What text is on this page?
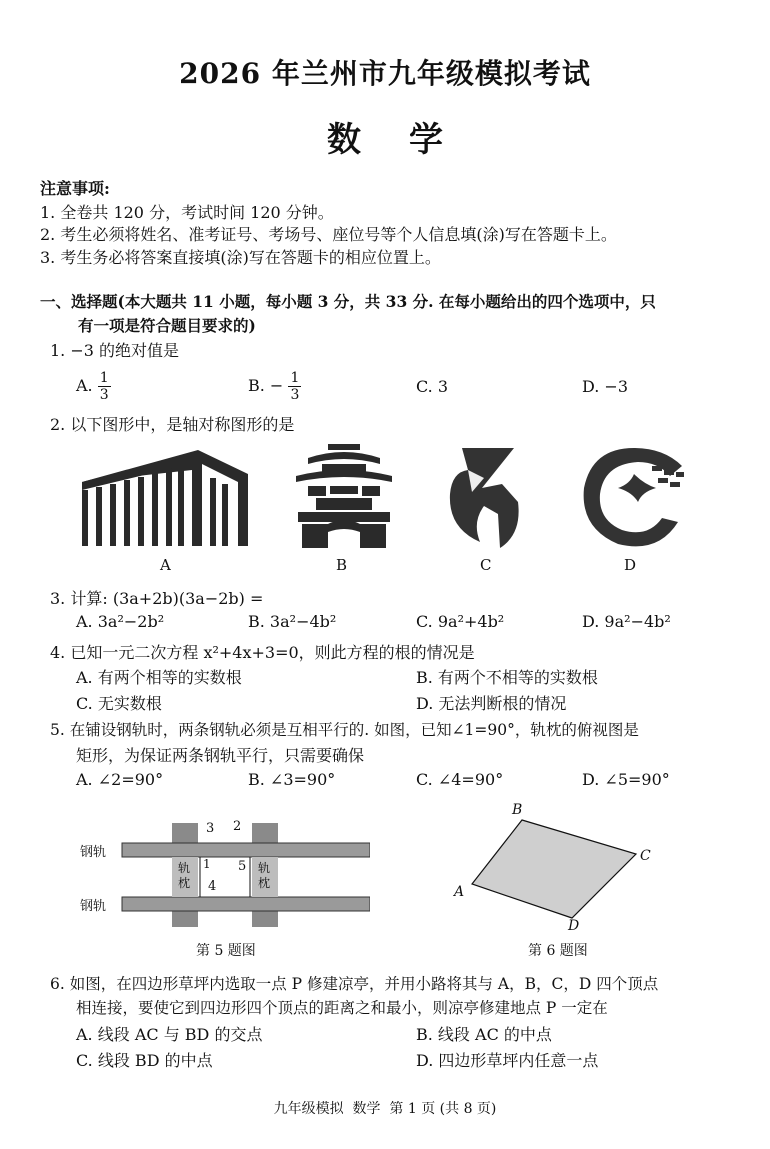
2026 年兰州市九年级模拟考试
数学
注意事项:
1. 全卷共 120 分，考试时间 120 分钟。
2. 考生必须将姓名、准考证号、考场号、座位号等个人信息填(涂)写在答题卡上。
3. 考生务必将答案直接填(涂)写在答题卡的相应位置上。
一、选择题(本大题共 11 小题，每小题 3 分，共 33 分. 在每小题给出的四个选项中，只
有一项是符合题目要求的)
1. −3 的绝对值是
A. $\frac{1}{3}$	B. − $\frac{1}{3}$	C. 3	D. −3
2. 以下图形中，是轴对称图形的是
A	B	C	D
3. 计算: (3a+2b)(3a−2b) =
A. 3a²−2b²	B. 3a²−4b²	C. 9a²+4b²	D. 9a²−4b²
4. 已知一元二次方程 x²+4x+3=0，则此方程的根的情况是
A. 有两个相等的实数根	B. 有两个不相等的实数根
C. 无实数根	D. 无法判断根的情况
5. 在铺设钢轨时，两条钢轨必须是互相平行的. 如图，已知∠1=90°，轨枕的俯视图是
矩形，为保证两条钢轨平行，只需要确保
A. ∠2=90°	B. ∠3=90°	C. ∠4=90°	D. ∠5=90°
钢轨
钢轨
轨
枕
轨
枕
1
2
3
4
5
第 5 题图
A
B
C
D
第 6 题图
6. 如图，在四边形草坪内选取一点 P 修建凉亭，并用小路将其与 A，B，C，D 四个顶点
相连接，要使它到四边形四个顶点的距离之和最小，则凉亭修建地点 P 一定在
A. 线段 AC 与 BD 的交点	B. 线段 AC 的中点
C. 线段 BD 的中点	D. 四边形草坪内任意一点
九年级模拟  数学  第 1 页 (共 8 页)
